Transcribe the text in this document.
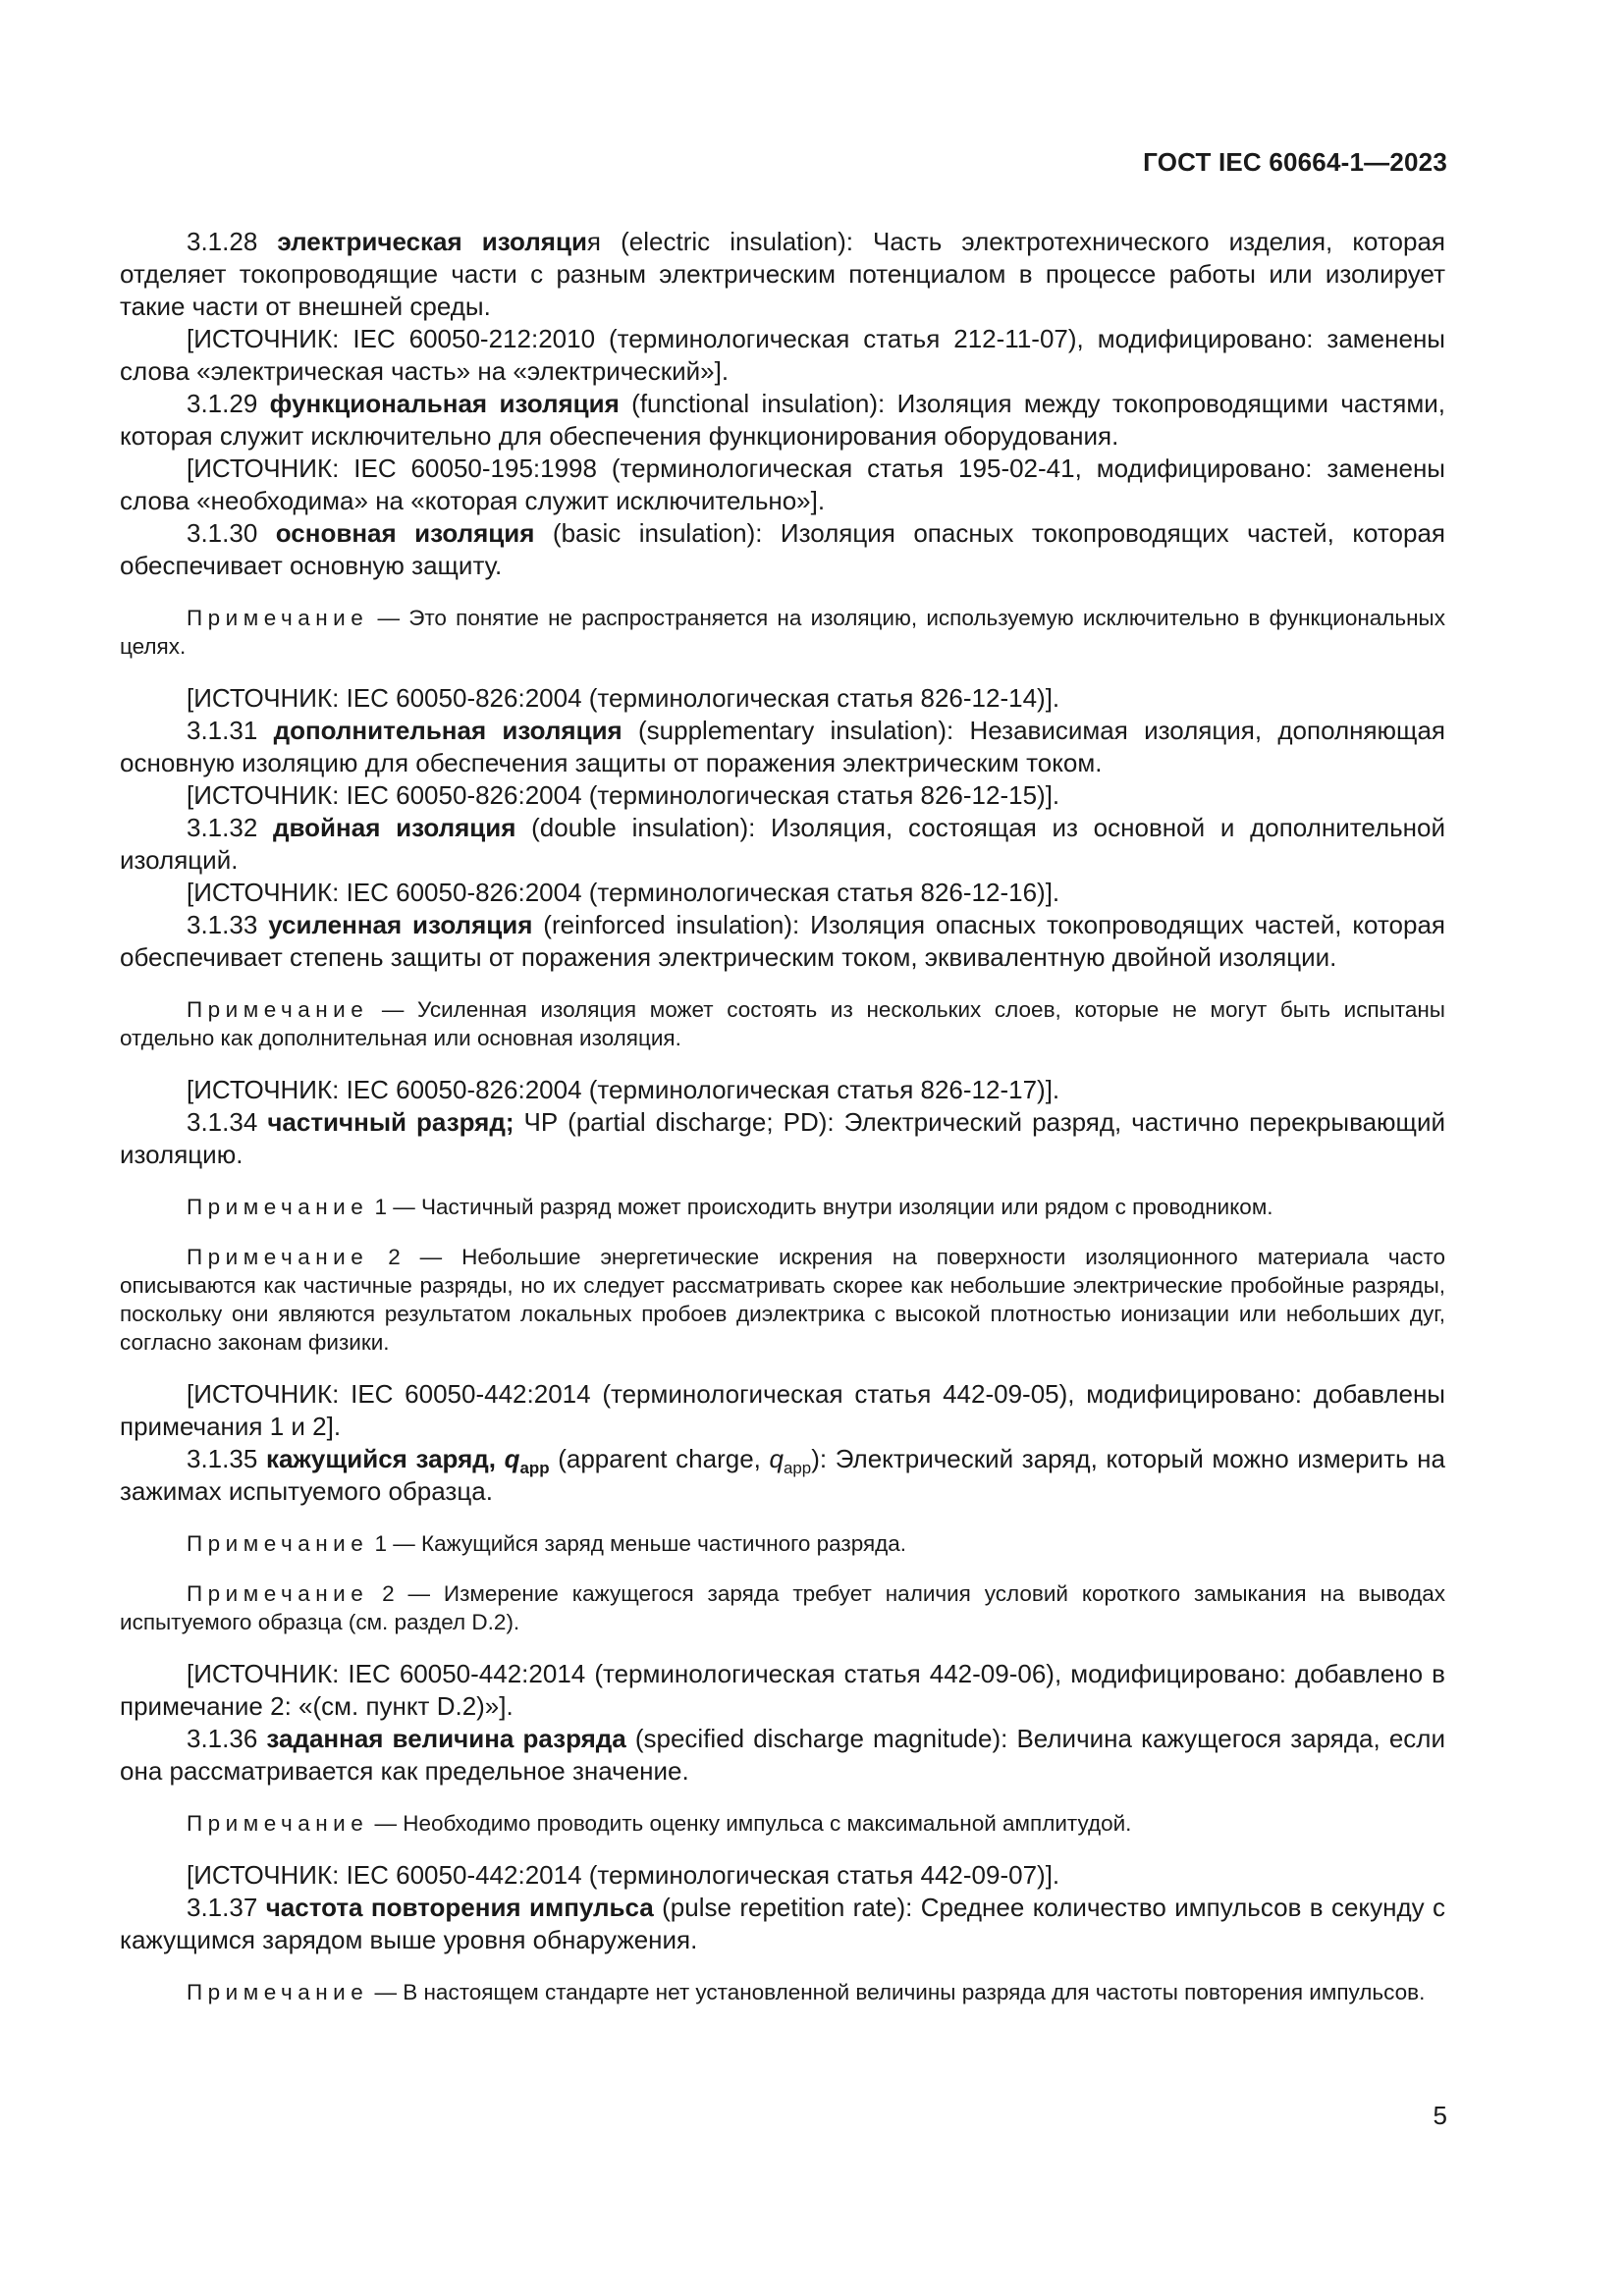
ГОСТ IEC 60664-1—2023

3.1.28 электрическая изоляция (electric insulation): Часть электротехнического изделия, которая отделяет токопроводящие части с разным электрическим потенциалом в процессе работы или изолирует такие части от внешней среды.

[ИСТОЧНИК: IEC 60050-212:2010 (терминологическая статья 212-11-07), модифицировано: заменены слова «электрическая часть» на «электрический»].

3.1.29 функциональная изоляция (functional insulation): Изоляция между токопроводящими частями, которая служит исключительно для обеспечения функционирования оборудования.

[ИСТОЧНИК: IEC 60050-195:1998 (терминологическая статья 195-02-41, модифицировано: заменены слова «необходима» на «которая служит исключительно»].

3.1.30 основная изоляция (basic insulation): Изоляция опасных токопроводящих частей, которая обеспечивает основную защиту.

Примечание — Это понятие не распространяется на изоляцию, используемую исключительно в функциональных целях.

[ИСТОЧНИК: IEC 60050-826:2004 (терминологическая статья 826-12-14)].

3.1.31 дополнительная изоляция (supplementary insulation): Независимая изоляция, дополняющая основную изоляцию для обеспечения защиты от поражения электрическим током.

[ИСТОЧНИК: IEC 60050-826:2004 (терминологическая статья 826-12-15)].

3.1.32 двойная изоляция (double insulation): Изоляция, состоящая из основной и дополнительной изоляций.

[ИСТОЧНИК: IEC 60050-826:2004 (терминологическая статья 826-12-16)].

3.1.33 усиленная изоляция (reinforced insulation): Изоляция опасных токопроводящих частей, которая обеспечивает степень защиты от поражения электрическим током, эквивалентную двойной изоляции.

Примечание — Усиленная изоляция может состоять из нескольких слоев, которые не могут быть испытаны отдельно как дополнительная или основная изоляция.

[ИСТОЧНИК: IEC 60050-826:2004 (терминологическая статья 826-12-17)].

3.1.34 частичный разряд; ЧР (partial discharge; PD): Электрический разряд, частично перекрывающий изоляцию.

Примечание 1 — Частичный разряд может происходить внутри изоляции или рядом с проводником.

Примечание 2 — Небольшие энергетические искрения на поверхности изоляционного материала часто описываются как частичные разряды, но их следует рассматривать скорее как небольшие электрические пробойные разряды, поскольку они являются результатом локальных пробоев диэлектрика с высокой плотностью ионизации или небольших дуг, согласно законам физики.

[ИСТОЧНИК: IEC 60050-442:2014 (терминологическая статья 442-09-05), модифицировано: добавлены примечания 1 и 2].

3.1.35 кажущийся заряд, $q_{app}$ (apparent charge, $q_{app}$): Электрический заряд, который можно измерить на зажимах испытуемого образца.

Примечание 1 — Кажущийся заряд меньше частичного разряда.

Примечание 2 — Измерение кажущегося заряда требует наличия условий короткого замыкания на выводах испытуемого образца (см. раздел D.2).

[ИСТОЧНИК: IEC 60050-442:2014 (терминологическая статья 442-09-06), модифицировано: добавлено в примечание 2: «(см. пункт D.2)»].

3.1.36 заданная величина разряда (specified discharge magnitude): Величина кажущегося заряда, если она рассматривается как предельное значение.

Примечание — Необходимо проводить оценку импульса с максимальной амплитудой.

[ИСТОЧНИК: IEC 60050-442:2014 (терминологическая статья 442-09-07)].

3.1.37 частота повторения импульса (pulse repetition rate): Среднее количество импульсов в секунду с кажущимся зарядом выше уровня обнаружения.

Примечание — В настоящем стандарте нет установленной величины разряда для частоты повторения импульсов.

5
